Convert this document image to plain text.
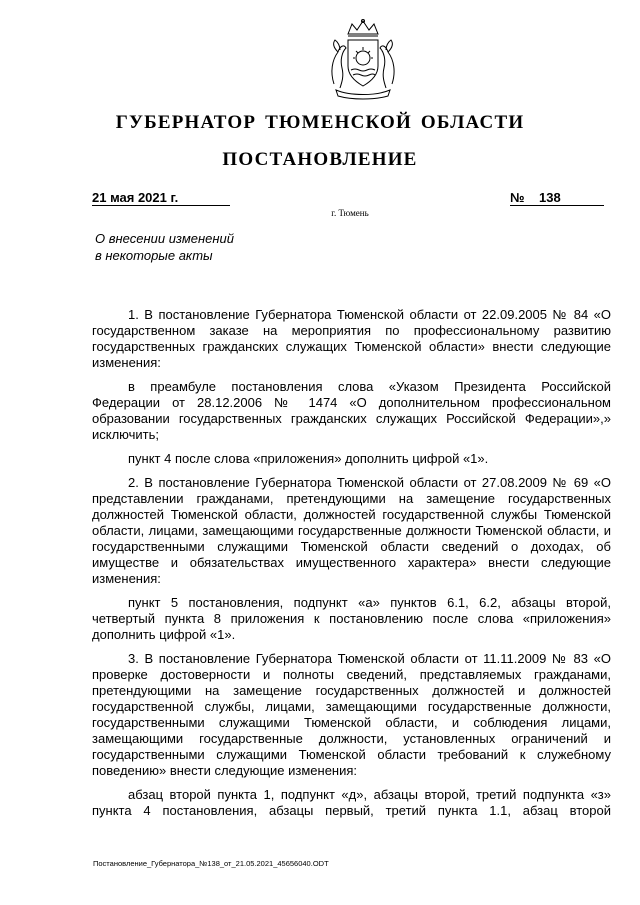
ГУБЕРНАТОР ТЮМЕНСКОЙ ОБЛАСТИ
ПОСТАНОВЛЕНИЕ
21 мая 2021 г.	№ 138
г. Тюмень
О внесении изменений
в некоторые акты

1. В постановление Губернатора Тюменской области от 22.09.2005 № 84 «О государственном заказе на мероприятия по профессиональному развитию государственных гражданских служащих Тюменской области» внести следующие изменения:

в преамбуле постановления слова «Указом Президента Российской Федерации от 28.12.2006 № 1474 «О дополнительном профессиональном образовании государственных гражданских служащих Российской Федерации»,» исключить;

пункт 4 после слова «приложения» дополнить цифрой «1».

2. В постановление Губернатора Тюменской области от 27.08.2009 № 69 «О представлении гражданами, претендующими на замещение государственных должностей Тюменской области, должностей государственной службы Тюменской области, лицами, замещающими государственные должности Тюменской области, и государственными служащими Тюменской области сведений о доходах, об имуществе и обязательствах имущественного характера» внести следующие изменения:

пункт 5 постановления, подпункт «а» пунктов 6.1, 6.2, абзацы второй, четвертый пункта 8 приложения к постановлению после слова «приложения» дополнить цифрой «1».

3. В постановление Губернатора Тюменской области от 11.11.2009 № 83 «О проверке достоверности и полноты сведений, представляемых гражданами, претендующими на замещение государственных должностей и должностей государственной службы, лицами, замещающими государственные должности, государственными служащими Тюменской области, и соблюдения лицами, замещающими государственные должности, установленных ограничений и государственными служащими Тюменской области требований к служебному поведению» внести следующие изменения:

абзац второй пункта 1, подпункт «д», абзацы второй, третий подпункта «з» пункта 4 постановления, абзацы первый, третий пункта 1.1, абзац второй

Постановление_Губернатора_№138_от_21.05.2021_45656040.ODT
